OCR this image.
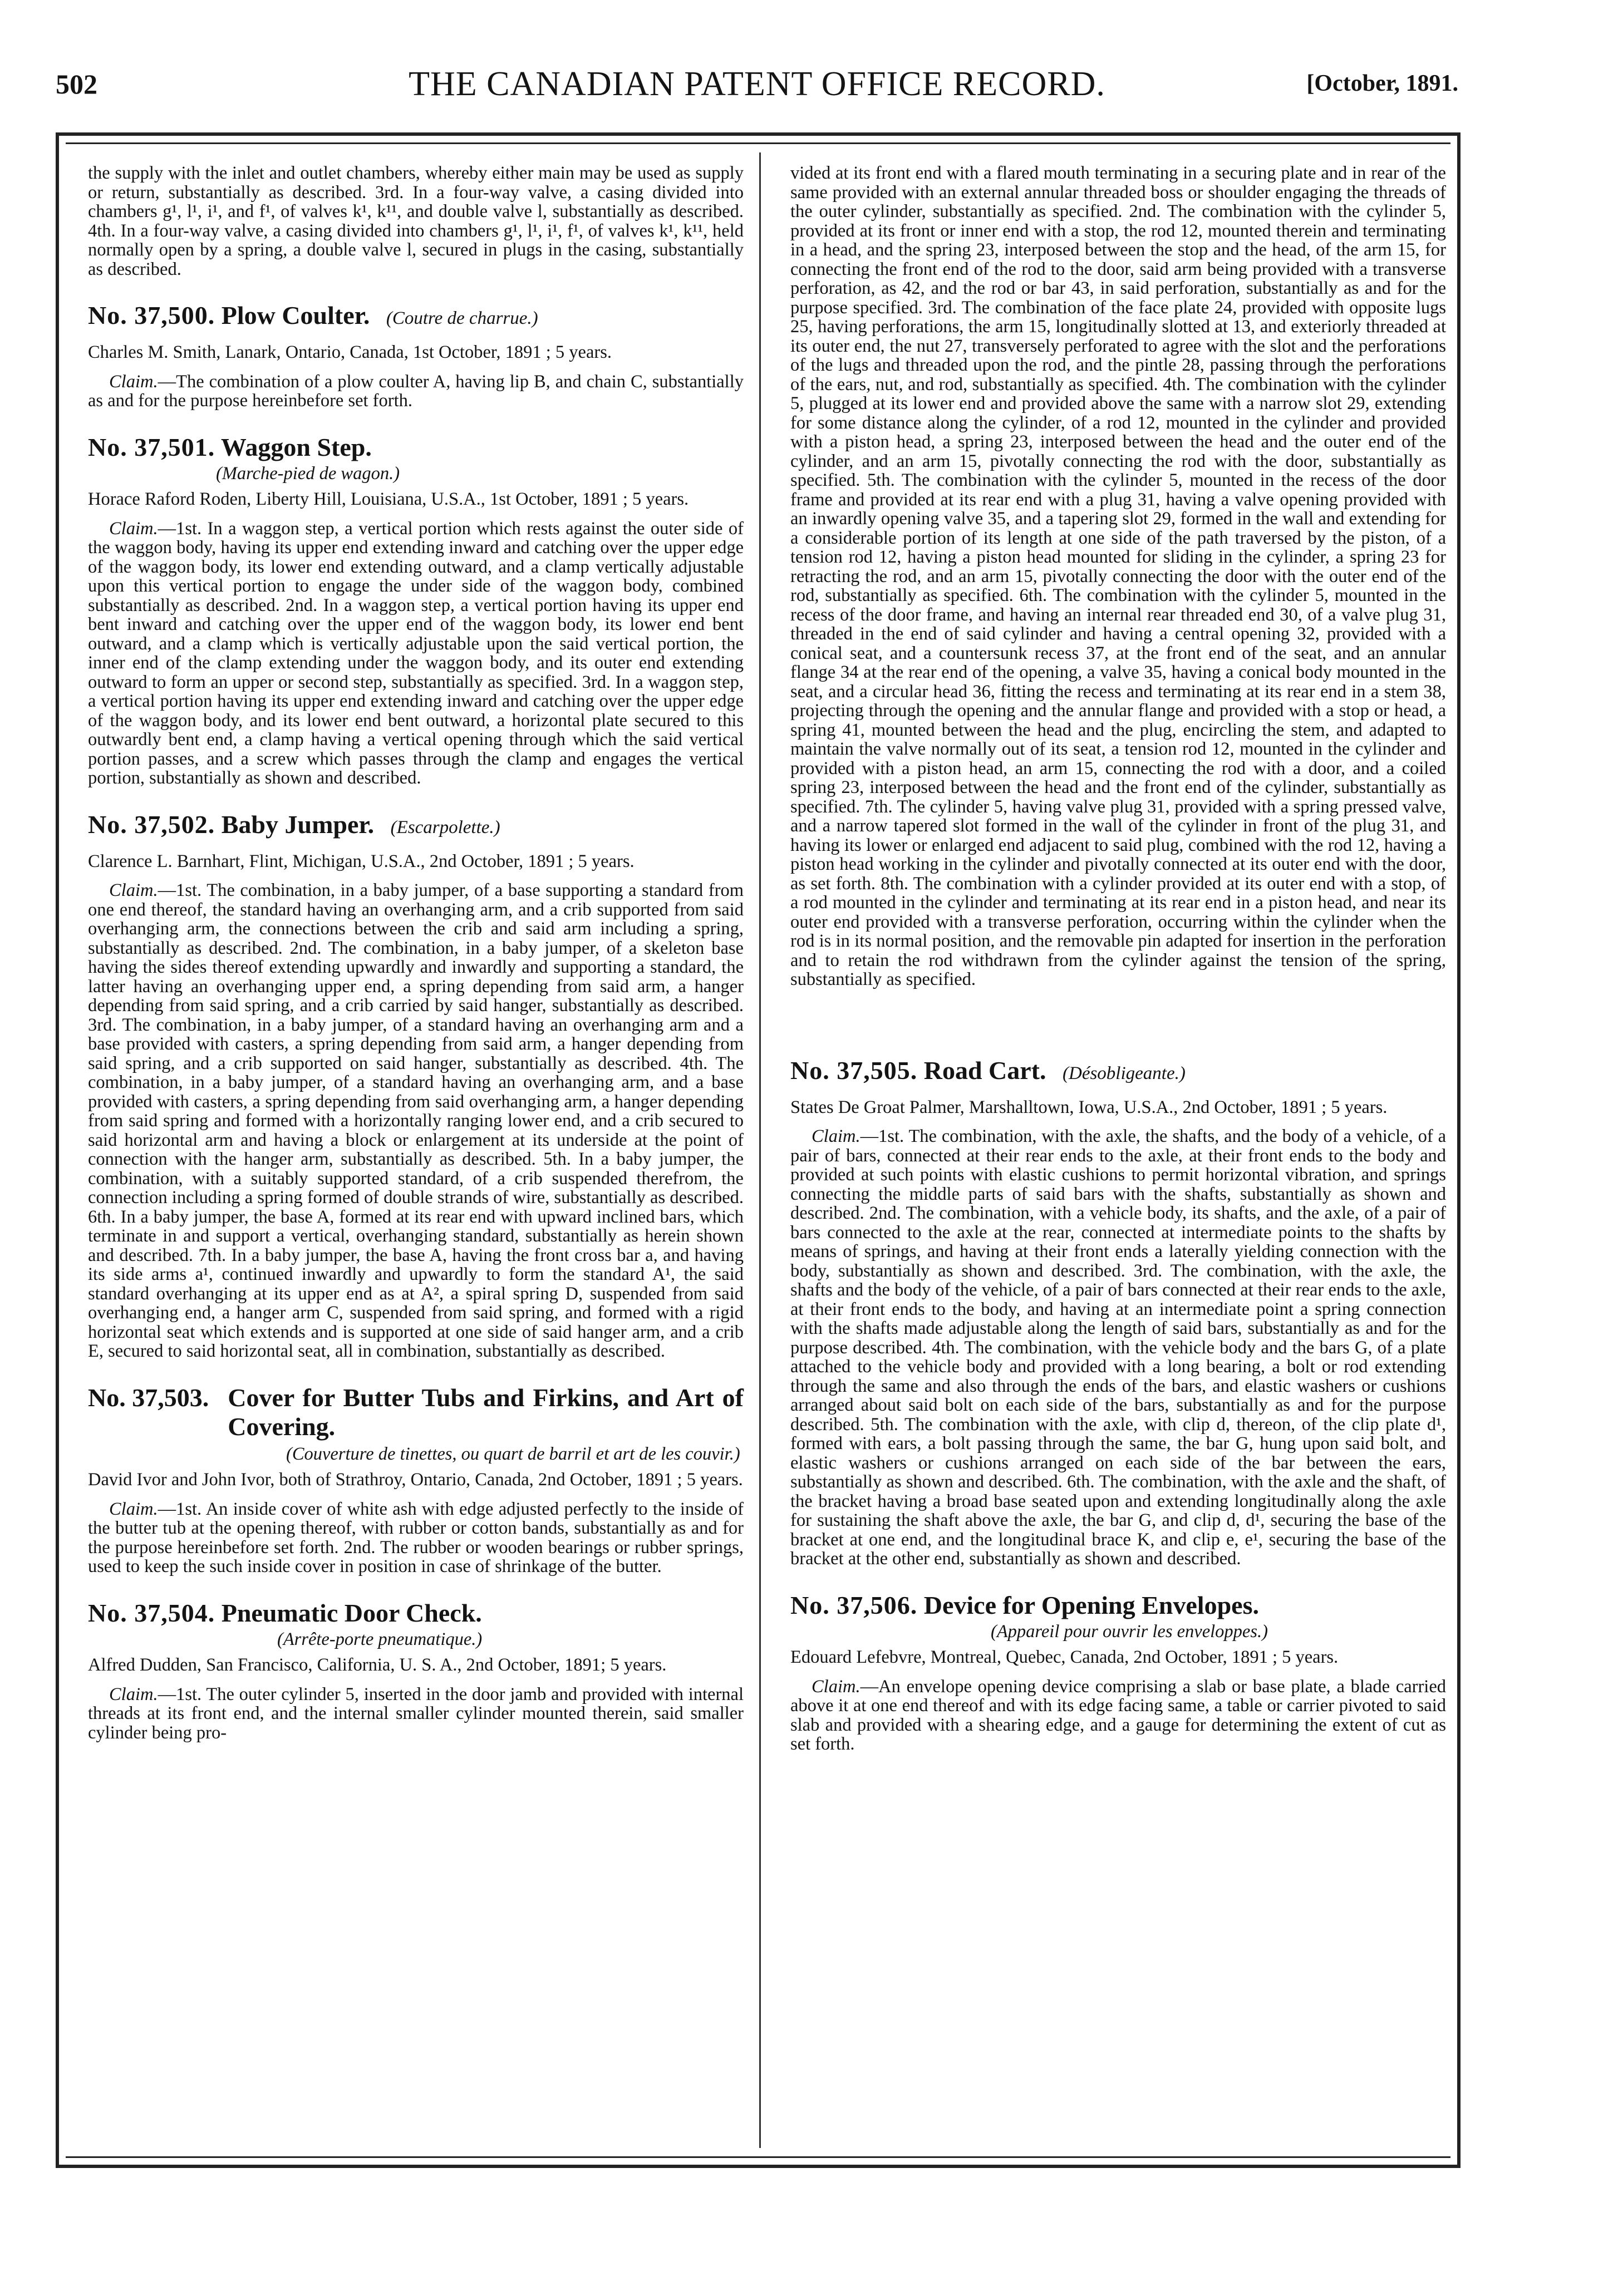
502	THE CANADIAN PATENT OFFICE RECORD.	[October, 1891.

the supply with the inlet and outlet chambers, whereby either main may be used as supply or return, substantially as described. 3rd. In a four-way valve, a casing divided into chambers g¹, l¹, i¹, and f¹, of valves k¹, k¹¹, and double valve l, substantially as described. 4th. In a four-way valve, a casing divided into chambers g¹, l¹, i¹, f¹, of valves k¹, k¹¹, held normally open by a spring, a double valve l, secured in plugs in the casing, substantially as described.

No. 37,500. Plow Coulter. (Coutre de charrue.)

Charles M. Smith, Lanark, Ontario, Canada, 1st October, 1891 ; 5 years.

Claim.—The combination of a plow coulter A, having lip B, and chain C, substantially as and for the purpose hereinbefore set forth.

No. 37,501. Waggon Step.

(Marche-pied de wagon.)

Horace Raford Roden, Liberty Hill, Louisiana, U.S.A., 1st October, 1891 ; 5 years.

Claim.—1st. In a waggon step, a vertical portion which rests against the outer side of the waggon body, having its upper end extending inward and catching over the upper edge of the waggon body, its lower end extending outward, and a clamp vertically adjustable upon this vertical portion to engage the under side of the waggon body, combined substantially as described. 2nd. In a waggon step, a vertical portion having its upper end bent inward and catching over the upper end of the waggon body, its lower end bent outward, and a clamp which is vertically adjustable upon the said vertical portion, the inner end of the clamp extending under the waggon body, and its outer end extending outward to form an upper or second step, substantially as specified. 3rd. In a waggon step, a vertical portion having its upper end extending inward and catching over the upper edge of the waggon body, and its lower end bent outward, a horizontal plate secured to this outwardly bent end, a clamp having a vertical opening through which the said vertical portion passes, and a screw which passes through the clamp and engages the vertical portion, substantially as shown and described.

No. 37,502. Baby Jumper. (Escarpolette.)

Clarence L. Barnhart, Flint, Michigan, U.S.A., 2nd October, 1891 ; 5 years.

Claim.—1st. The combination, in a baby jumper, of a base supporting a standard from one end thereof, the standard having an overhanging arm, and a crib supported from said overhanging arm, the connections between the crib and said arm including a spring, substantially as described. 2nd. The combination, in a baby jumper, of a skeleton base having the sides thereof extending upwardly and inwardly and supporting a standard, the latter having an overhanging upper end, a spring depending from said arm, a hanger depending from said spring, and a crib carried by said hanger, substantially as described. 3rd. The combination, in a baby jumper, of a standard having an overhanging arm and a base provided with casters, a spring depending from said arm, a hanger depending from said spring, and a crib supported on said hanger, substantially as described. 4th. The combination, in a baby jumper, of a standard having an overhanging arm, and a base provided with casters, a spring depending from said overhanging arm, a hanger depending from said spring and formed with a horizontally ranging lower end, and a crib secured to said horizontal arm and having a block or enlargement at its underside at the point of connection with the hanger arm, substantially as described. 5th. In a baby jumper, the combination, with a suitably supported standard, of a crib suspended therefrom, the connection including a spring formed of double strands of wire, substantially as described. 6th. In a baby jumper, the base A, formed at its rear end with upward inclined bars, which terminate in and support a vertical, overhanging standard, substantially as herein shown and described. 7th. In a baby jumper, the base A, having the front cross bar a, and having its side arms a¹, continued inwardly and upwardly to form the standard A¹, the said standard overhanging at its upper end as at A², a spiral spring D, suspended from said overhanging end, a hanger arm C, suspended from said spring, and formed with a rigid horizontal seat which extends and is supported at one side of said hanger arm, and a crib E, secured to said horizontal seat, all in combination, substantially as described.

No. 37,503. Cover for Butter Tubs and Firkins, and Art of Covering.

(Couverture de tinettes, ou quart de barril et art de les couvir.)

David Ivor and John Ivor, both of Strathroy, Ontario, Canada, 2nd October, 1891 ; 5 years.

Claim.—1st. An inside cover of white ash with edge adjusted perfectly to the inside of the butter tub at the opening thereof, with rubber or cotton bands, substantially as and for the purpose hereinbefore set forth. 2nd. The rubber or wooden bearings or rubber springs, used to keep the such inside cover in position in case of shrinkage of the butter.

No. 37,504. Pneumatic Door Check.

(Arrête-porte pneumatique.)

Alfred Dudden, San Francisco, California, U. S. A., 2nd October, 1891; 5 years.

Claim.—1st. The outer cylinder 5, inserted in the door jamb and provided with internal threads at its front end, and the internal smaller cylinder mounted therein, said smaller cylinder being pro-

vided at its front end with a flared mouth terminating in a securing plate and in rear of the same provided with an external annular threaded boss or shoulder engaging the threads of the outer cylinder, substantially as specified. 2nd. The combination with the cylinder 5, provided at its front or inner end with a stop, the rod 12, mounted therein and terminating in a head, and the spring 23, interposed between the stop and the head, of the arm 15, for connecting the front end of the rod to the door, said arm being provided with a transverse perforation, as 42, and the rod or bar 43, in said perforation, substantially as and for the purpose specified. 3rd. The combination of the face plate 24, provided with opposite lugs 25, having perforations, the arm 15, longitudinally slotted at 13, and exteriorly threaded at its outer end, the nut 27, transversely perforated to agree with the slot and the perforations of the lugs and threaded upon the rod, and the pintle 28, passing through the perforations of the ears, nut, and rod, substantially as specified. 4th. The combination with the cylinder 5, plugged at its lower end and provided above the same with a narrow slot 29, extending for some distance along the cylinder, of a rod 12, mounted in the cylinder and provided with a piston head, a spring 23, interposed between the head and the outer end of the cylinder, and an arm 15, pivotally connecting the rod with the door, substantially as specified. 5th. The combination with the cylinder 5, mounted in the recess of the door frame and provided at its rear end with a plug 31, having a valve opening provided with an inwardly opening valve 35, and a tapering slot 29, formed in the wall and extending for a considerable portion of its length at one side of the path traversed by the piston, of a tension rod 12, having a piston head mounted for sliding in the cylinder, a spring 23 for retracting the rod, and an arm 15, pivotally connecting the door with the outer end of the rod, substantially as specified. 6th. The combination with the cylinder 5, mounted in the recess of the door frame, and having an internal rear threaded end 30, of a valve plug 31, threaded in the end of said cylinder and having a central opening 32, provided with a conical seat, and a countersunk recess 37, at the front end of the seat, and an annular flange 34 at the rear end of the opening, a valve 35, having a conical body mounted in the seat, and a circular head 36, fitting the recess and terminating at its rear end in a stem 38, projecting through the opening and the annular flange and provided with a stop or head, a spring 41, mounted between the head and the plug, encircling the stem, and adapted to maintain the valve normally out of its seat, a tension rod 12, mounted in the cylinder and provided with a piston head, an arm 15, connecting the rod with a door, and a coiled spring 23, interposed between the head and the front end of the cylinder, substantially as specified. 7th. The cylinder 5, having valve plug 31, provided with a spring pressed valve, and a narrow tapered slot formed in the wall of the cylinder in front of the plug 31, and having its lower or enlarged end adjacent to said plug, combined with the rod 12, having a piston head working in the cylinder and pivotally connected at its outer end with the door, as set forth. 8th. The combination with a cylinder provided at its outer end with a stop, of a rod mounted in the cylinder and terminating at its rear end in a piston head, and near its outer end provided with a transverse perforation, occurring within the cylinder when the rod is in its normal position, and the removable pin adapted for insertion in the perforation and to retain the rod withdrawn from the cylinder against the tension of the spring, substantially as specified.

No. 37,505. Road Cart. (Désobligeante.)

States De Groat Palmer, Marshalltown, Iowa, U.S.A., 2nd October, 1891 ; 5 years.

Claim.—1st. The combination, with the axle, the shafts, and the body of a vehicle, of a pair of bars, connected at their rear ends to the axle, at their front ends to the body and provided at such points with elastic cushions to permit horizontal vibration, and springs connecting the middle parts of said bars with the shafts, substantially as shown and described. 2nd. The combination, with a vehicle body, its shafts, and the axle, of a pair of bars connected to the axle at the rear, connected at intermediate points to the shafts by means of springs, and having at their front ends a laterally yielding connection with the body, substantially as shown and described. 3rd. The combination, with the axle, the shafts and the body of the vehicle, of a pair of bars connected at their rear ends to the axle, at their front ends to the body, and having at an intermediate point a spring connection with the shafts made adjustable along the length of said bars, substantially as and for the purpose described. 4th. The combination, with the vehicle body and the bars G, of a plate attached to the vehicle body and provided with a long bearing, a bolt or rod extending through the same and also through the ends of the bars, and elastic washers or cushions arranged about said bolt on each side of the bars, substantially as and for the purpose described. 5th. The combination with the axle, with clip d, thereon, of the clip plate d¹, formed with ears, a bolt passing through the same, the bar G, hung upon said bolt, and elastic washers or cushions arranged on each side of the bar between the ears, substantially as shown and described. 6th. The combination, with the axle and the shaft, of the bracket having a broad base seated upon and extending longitudinally along the axle for sustaining the shaft above the axle, the bar G, and clip d, d¹, securing the base of the bracket at one end, and the longitudinal brace K, and clip e, e¹, securing the base of the bracket at the other end, substantially as shown and described.

No. 37,506. Device for Opening Envelopes.

(Appareil pour ouvrir les enveloppes.)

Edouard Lefebvre, Montreal, Quebec, Canada, 2nd October, 1891 ; 5 years.

Claim.—An envelope opening device comprising a slab or base plate, a blade carried above it at one end thereof and with its edge facing same, a table or carrier pivoted to said slab and provided with a shearing edge, and a gauge for determining the extent of cut as set forth.
